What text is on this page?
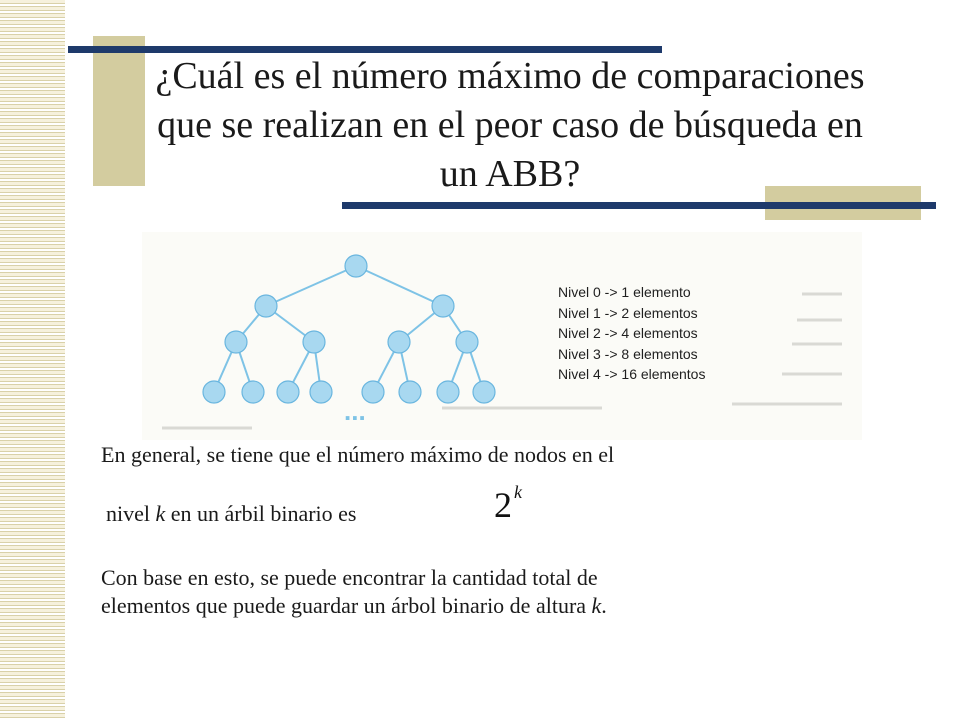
¿Cuál es el número máximo de comparaciones que se realizan en el peor caso de búsqueda en un ABB?
...
Nivel 0 -> 1 elemento
Nivel 1 -> 2 elementos
Nivel 2 -> 4 elementos
Nivel 3 -> 8 elementos
Nivel 4 -> 16 elementos

En general, se tiene que el número máximo de nodos en el

nivel k en un árbil binario es	2 $^k$

Con base en esto, se puede encontrar la cantidad total de
elementos que puede guardar un árbol binario de altura k.
